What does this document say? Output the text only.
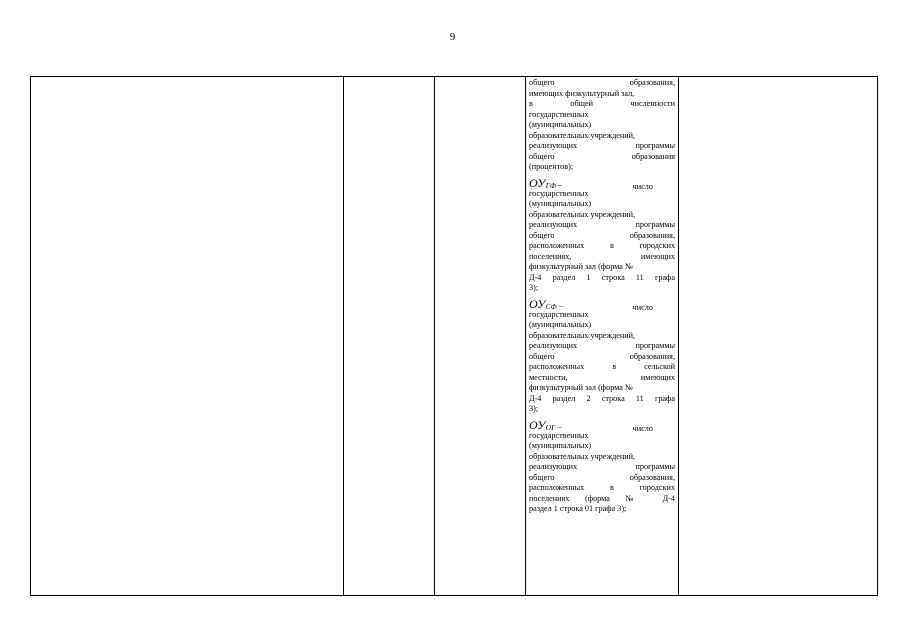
9

общего образования,
имеющих физкультурный зал,
в общей численности
государственных
(муниципальных)
образовательных учреждений,
реализующих программы
общего образования
(процентов);
ОУ ГФ –	число
государственных
(муниципальных)
образовательных учреждений,
реализующих программы
общего образования,
расположенных в городских
поселениях, имеющих
физкультурный зал (форма №
Д-4 раздел 1 строка 11 графа
3);
ОУ СФ –	число
государственных
(муниципальных)
образовательных учреждений,
реализующих программы
общего образования,
расположенных в сельской
местности, имеющих
физкультурный зал (форма №
Д-4 раздел 2 строка 11 графа
3);
ОУ ОГ –	число
государственных
(муниципальных)
образовательных учреждений,
реализующих программы
общего образования,
расположенных в городских
поселениях (форма № Д-4
раздел 1 строка 01 графа 3);
